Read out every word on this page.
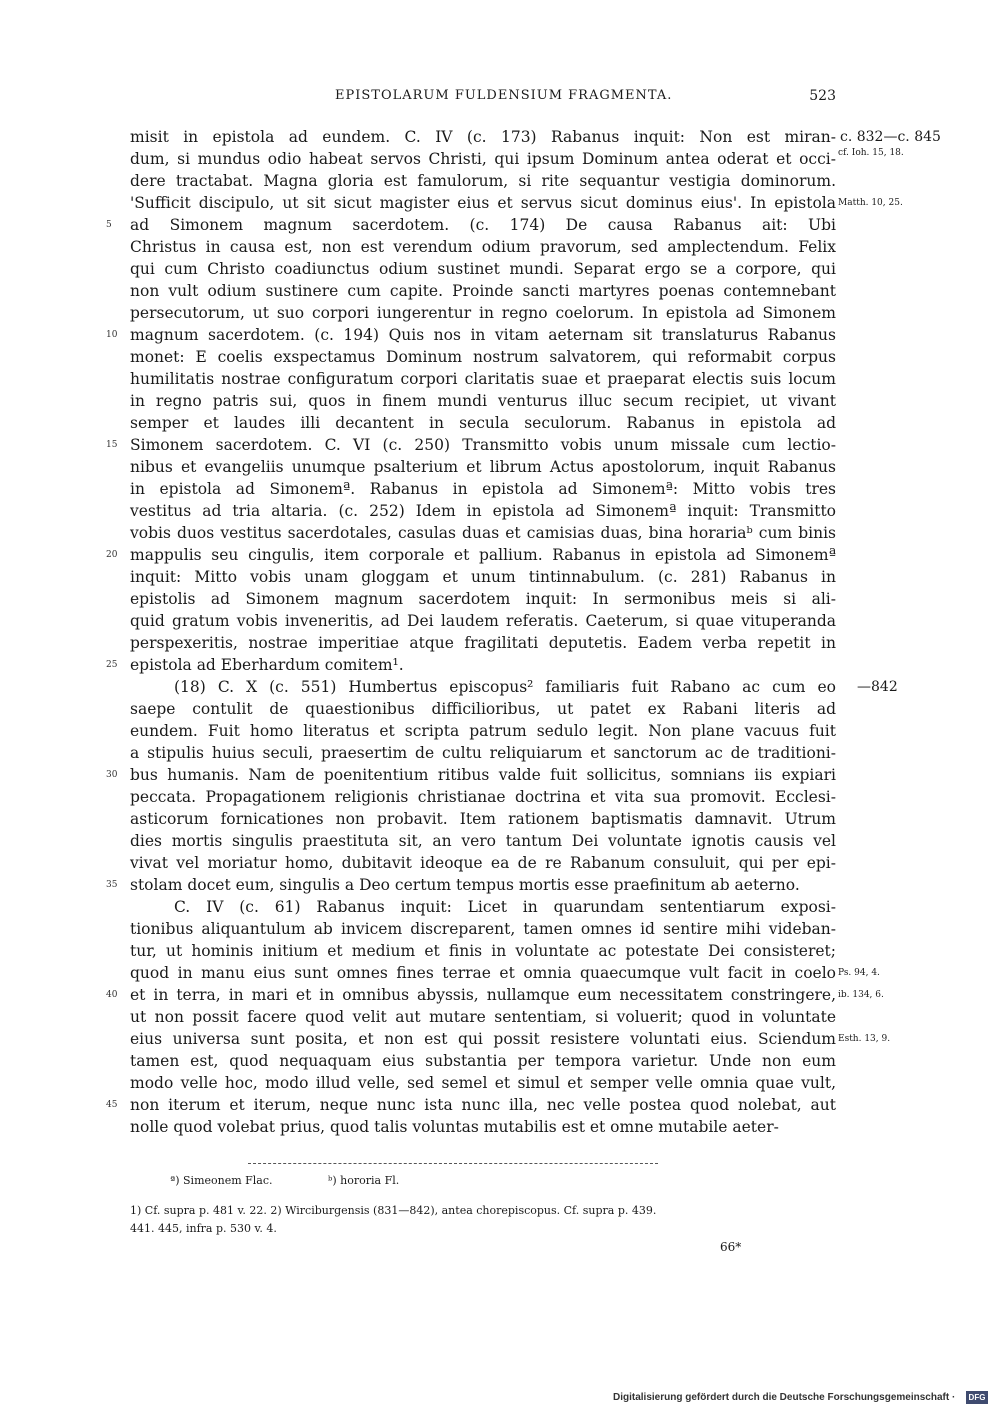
EPISTOLARUM FULDENSIUM FRAGMENTA.	523
misit in epistola ad eundem. C. IV (c. 173) Rabanus inquit: Non est miran- c. 832—c. 845
dum, si mundus odio habeat servos Christi, qui ipsum Dominum antea oderat et occi- cf. Ioh. 15, 18.
dere tractabat. Magna gloria est famulorum, si rite sequantur vestigia dominorum.
'Sufficit discipulo, ut sit sicut magister eius et servus sicut dominus eius'. In epistola Matth. 10, 25.
5	ad Simonem magnum sacerdotem. (c. 174) De causa Rabanus ait: Ubi
Christus in causa est, non est verendum odium pravorum, sed amplectendum. Felix
qui cum Christo coadiunctus odium sustinet mundi. Separat ergo se a corpore, qui
non vult odium sustinere cum capite. Proinde sancti martyres poenas contemnebant
persecutorum, ut suo corpori iungerentur in regno coelorum. In epistola ad Simonem
10 magnum sacerdotem. (c. 194) Quis nos in vitam aeternam sit translaturus Rabanus
monet: E coelis exspectamus Dominum nostrum salvatorem, qui reformabit corpus
humilitatis nostrae configuratum corpori claritatis suae et praeparat electis suis locum
in regno patris sui, quos in finem mundi venturus illuc secum recipiet, ut vivant
semper et laudes illi decantent in secula seculorum. Rabanus in epistola ad
15 Simonem sacerdotem. C. VI (c. 250) Transmitto vobis unum missale cum lectio-
nibus et evangeliis unumque psalterium et librum Actus apostolorum, inquit Rabanus
in epistola ad Simonemª. Rabanus in epistola ad Simonemª: Mitto vobis tres
vestitus ad tria altaria. (c. 252) Idem in epistola ad Simonemª inquit: Transmitto
vobis duos vestitus sacerdotales, casulas duas et camisias duas, bina horariaᵇ cum binis
20 mappulis seu cingulis, item corporale et pallium. Rabanus in epistola ad Simonemª
inquit: Mitto vobis unam gloggam et unum tintinnabulum. (c. 281) Rabanus in
epistolis ad Simonem magnum sacerdotem inquit: In sermonibus meis si ali-
quid gratum vobis inveneritis, ad Dei laudem referatis. Caeterum, si quae vituperanda
perspexeritis, nostrae imperitiae atque fragilitati deputetis. Eadem verba repetit in
25 epistola ad Eberhardum comitem¹.
(18) C. X (c. 551) Humbertus episcopus² familiaris fuit Rabano ac cum eo —842
saepe contulit de quaestionibus difficilioribus, ut patet ex Rabani literis ad
eundem. Fuit homo literatus et scripta patrum sedulo legit. Non plane vacuus fuit
a stipulis huius seculi, praesertim de cultu reliquiarum et sanctorum ac de traditioni-
30 bus humanis. Nam de poenitentium ritibus valde fuit sollicitus, somnians iis expiari
peccata. Propagationem religionis christianae doctrina et vita sua promovit. Ecclesi-
asticorum fornicationes non probavit. Item rationem baptismatis damnavit. Utrum
dies mortis singulis praestituta sit, an vero tantum Dei voluntate ignotis causis vel
vivat vel moriatur homo, dubitavit ideoque ea de re Rabanum consuluit, qui per epi-
35 stolam docet eum, singulis a Deo certum tempus mortis esse praefinitum ab aeterno.
C. IV (c. 61) Rabanus inquit: Licet in quarundam sententiarum exposi-
tionibus aliquantulum ab invicem discreparent, tamen omnes id sentire mihi videban-
tur, ut hominis initium et medium et finis in voluntate ac potestate Dei consisteret;
quod in manu eius sunt omnes fines terrae et omnia quaecumque vult facit in coelo Ps. 94, 4.
40 et in terra, in mari et in omnibus abyssis, nullamque eum necessitatem constringere, ib. 134, 6.
ut non possit facere quod velit aut mutare sententiam, si voluerit; quod in voluntate
eius universa sunt posita, et non est qui possit resistere voluntati eius. Sciendum Esth. 13, 9.
tamen est, quod nequaquam eius substantia per tempora varietur. Unde non eum
modo velle hoc, modo illud velle, sed semel et simul et semper velle omnia quae vult,
45 non iterum et iterum, neque nunc ista nunc illa, nec velle postea quod nolebat, aut
nolle quod volebat prius, quod talis voluntas mutabilis est et omne mutabile aeter-
ª) Simeonem Flac.	ᵇ) hororia Fl.
1) Cf. supra p. 481 v. 22. 2) Wirciburgensis (831—842), antea chorepiscopus. Cf. supra p. 439.
441. 445, infra p. 530 v. 4.
66*
Digitalisierung gefördert durch die Deutsche Forschungsgemeinschaft ·	DFG
